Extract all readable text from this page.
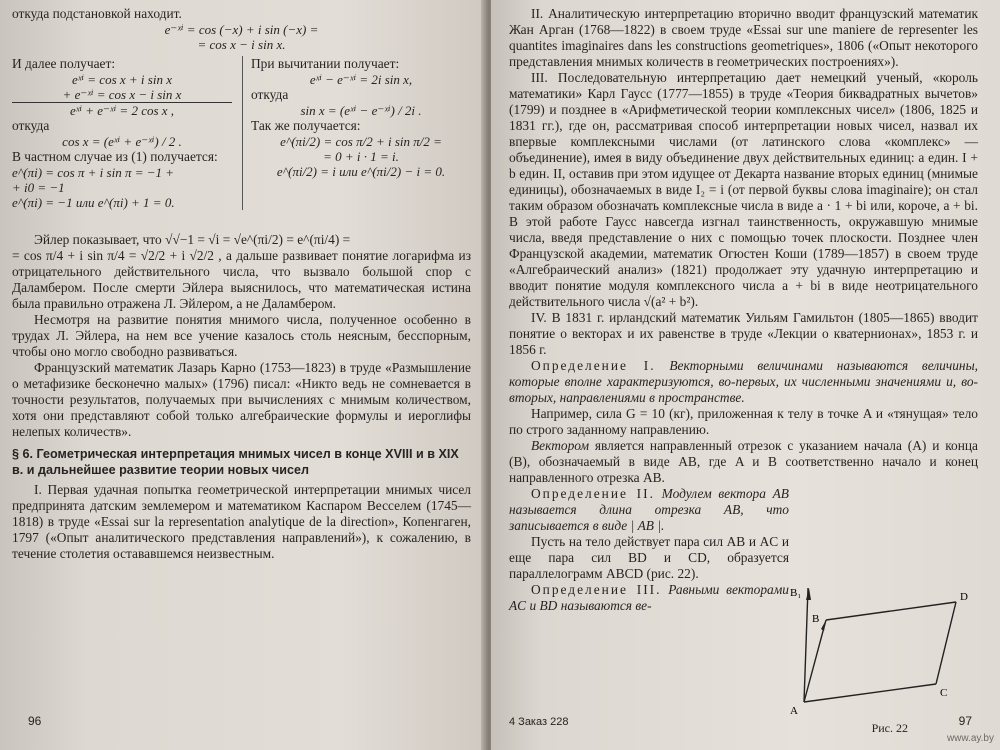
откуда подстановкой находит.

e⁻ˣⁱ = cos (−x) + i sin (−x) =

= cos x − i sin x.

И далее получает:

eˣⁱ = cos x + i sin x

+ e⁻ˣⁱ = cos x − i sin x

eˣⁱ + e⁻ˣⁱ = 2 cos x ,

откуда

cos x = (eˣⁱ + e⁻ˣⁱ) / 2 .

В частном случае из (1) получается:

e^(πi) = cos π + i sin π = −1 +

+ i0 = −1

e^(πi) = −1 или e^(πi) + 1 = 0.

При вычитании получает:

eˣⁱ − e⁻ˣⁱ = 2i sin x,

откуда

sin x = (eˣⁱ − e⁻ˣⁱ) / 2i .

Так же получается:

e^(πi/2) = cos π/2 + i sin π/2 =

= 0 + i · 1 = i.

e^(πi/2) = i или e^(πi/2) − i = 0.

Эйлер показывает, что √√−1 = √i = √e^(πi/2) = e^(πi/4) =

= cos π/4 + i sin π/4 = √2/2 + i √2/2 , а дальше развивает понятие логарифма из отрицательного действительного числа, что вызвало большой спор с Даламбером. После смерти Эйлера выяснилось, что математическая истина была правильно отражена Л. Эйлером, а не Даламбером.

Несмотря на развитие понятия мнимого числа, полученное особенно в трудах Л. Эйлера, на нем все учение казалось столь неясным, бесспорным, чтобы оно могло свободно развиваться.

Французский математик Лазарь Карно (1753—1823) в труде «Размышление о метафизике бесконечно малых» (1796) писал: «Никто ведь не сомневается в точности результатов, получаемых при вычислениях с мнимым количеством, хотя они представляют собой только алгебраические формулы и иероглифы нелепых количеств».

§ 6. Геометрическая интерпретация мнимых чисел в конце XVIII и в XIX в. и дальнейшее развитие теории новых чисел

I. Первая удачная попытка геометрической интерпретации мнимых чисел предпринята датским землемером и математиком Каспаром Весселем (1745—1818) в труде «Essai sur la representation analytique de la direction», Копенгаген, 1797 («Опыт аналитического представления направлений»), к сожалению, в течение столетия остававшемся неизвестным.

96

II. Аналитическую интерпретацию вторично вводит французский математик Жан Арган (1768—1822) в своем труде «Essai sur une maniere de representer les quantites imaginaires dans les constructions geometriques», 1806 («Опыт некоторого представления мнимых количеств в геометрических построениях»).

III. Последовательную интерпретацию дает немецкий ученый, «король математики» Карл Гаусс (1777—1855) в труде «Теория биквадратных вычетов» (1799) и позднее в «Арифметической теории комплексных чисел» (1806, 1825 и 1831 гг.), где он, рассматривая способ интерпретации новых чисел, назвал их впервые комплексными числами (от латинского слова «комплекс» — объединение), имея в виду объединение двух действительных единиц: a един. I + b един. II, оставив при этом идущее от Декарта название вторых единиц (мнимые единицы), обозначаемых в виде I₂ = i (от первой буквы слова imaginaire); он стал таким образом обозначать комплексные числа в виде a · 1 + bi или, короче, a + bi. В этой работе Гаусс навсегда изгнал таинственность, окружавшую мнимые числа, введя представление о них с помощью точек плоскости. Позднее член Французской академии, математик Огюстен Коши (1789—1857) в своем труде «Алгебраический анализ» (1821) продолжает эту удачную интерпретацию и вводит понятие модуля комплексного числа a + bi в виде неотрицательного действительного числа √(a² + b²).

IV. В 1831 г. ирландский математик Уильям Гамильтон (1805—1865) вводит понятие о векторах и их равенстве в труде «Лекции о кватернионах», 1853 г. и 1856 г.

Определение I. Векторными величинами называются величины, которые вполне характеризуются, во-первых, их численными значениями и, во-вторых, направлениями в пространстве.

Например, сила G = 10 (кг), приложенная к телу в точке A и «тянущая» тело по строго заданному направлению.

Вектором является направленный отрезок с указанием начала (A) и конца (B), обозначаемый в виде AB, где A и B соответственно начало и конец направленного отрезка AB.

Определение II. Модулем вектора AB называется длина отрезка AB, что записывается в виде | AB |.

Пусть на тело действует пара сил AB и AC и еще пара сил BD и CD, образуется параллелограмм ABCD (рис. 22).

Определение III. Равными векторами AC и BD называются ве-

B₁
B
D
A
C
Рис. 22
4 Заказ 228	97
www.ay.by
